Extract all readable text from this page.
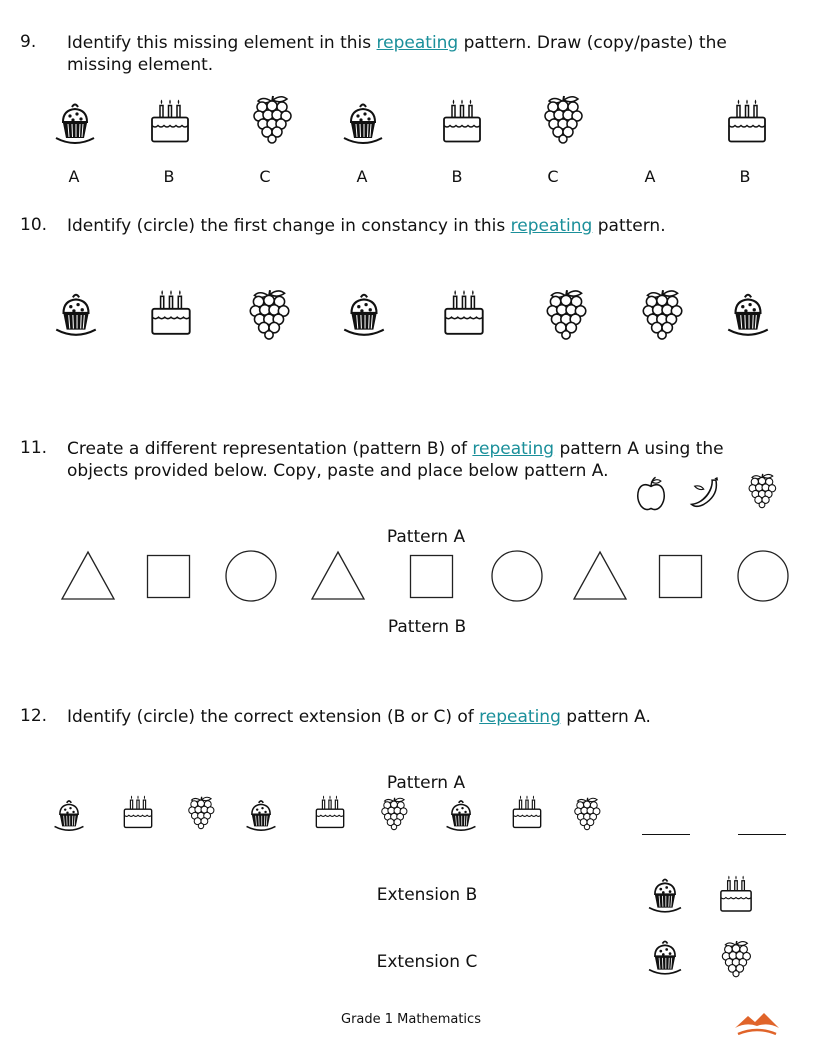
9. Identify this missing element in this repeating pattern. Draw (copy/paste) the
missing element.
A	B	C	A	B	C	A	B
10. Identify (circle) the first change in constancy in this repeating pattern.
11. Create a different representation (pattern B) of repeating pattern A using the
objects provided below. Copy, paste and place below pattern A.
Pattern A
Pattern B
12. Identify (circle) the correct extension (B or C) of repeating pattern A.
Pattern A
Extension B
Extension C
Grade 1 Mathematics
